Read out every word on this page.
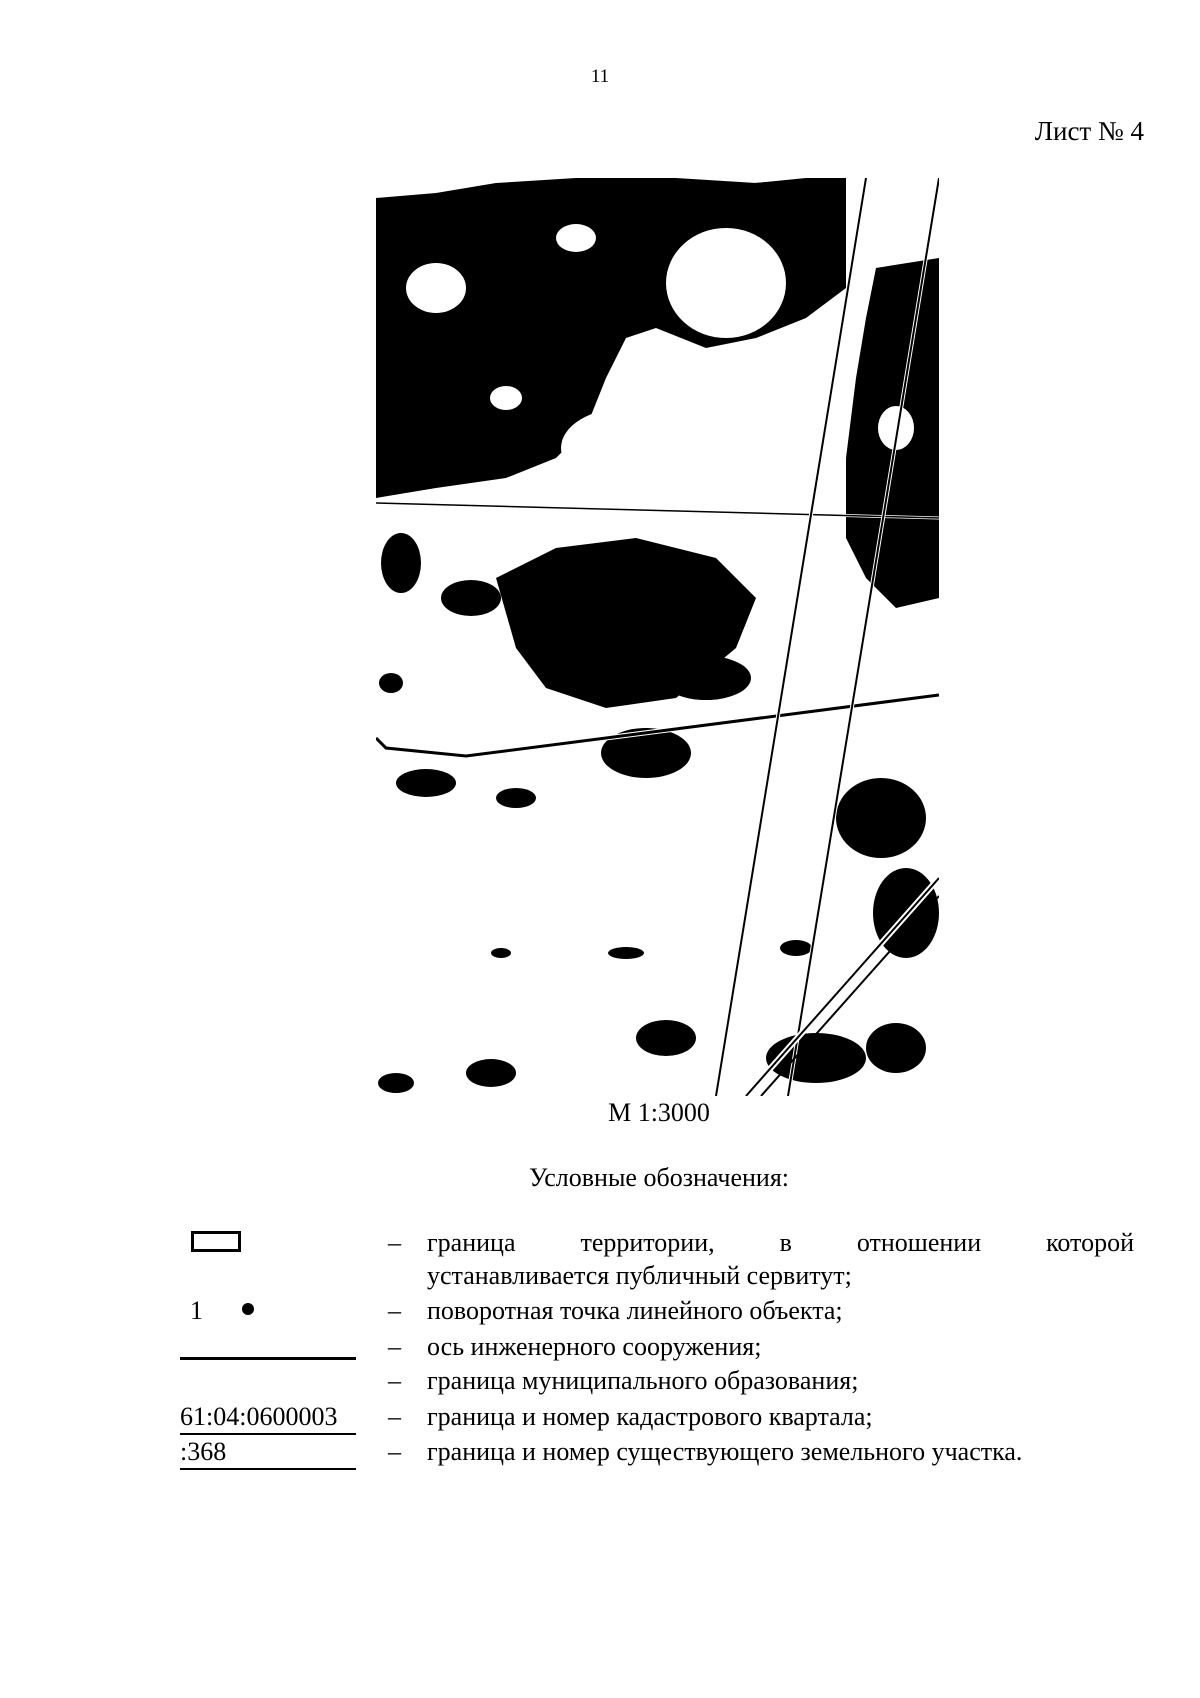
11
Лист № 4
М 1:3000
Условные обозначения:
– граница территории, в отношении которой
устанавливается публичный сервитут;
1	– поворотная точка линейного объекта;
– ось инженерного сооружения;
– граница муниципального образования;
61:04:0600003	– граница и номер кадастрового квартала;
:368	– граница и номер существующего земельного участка.
